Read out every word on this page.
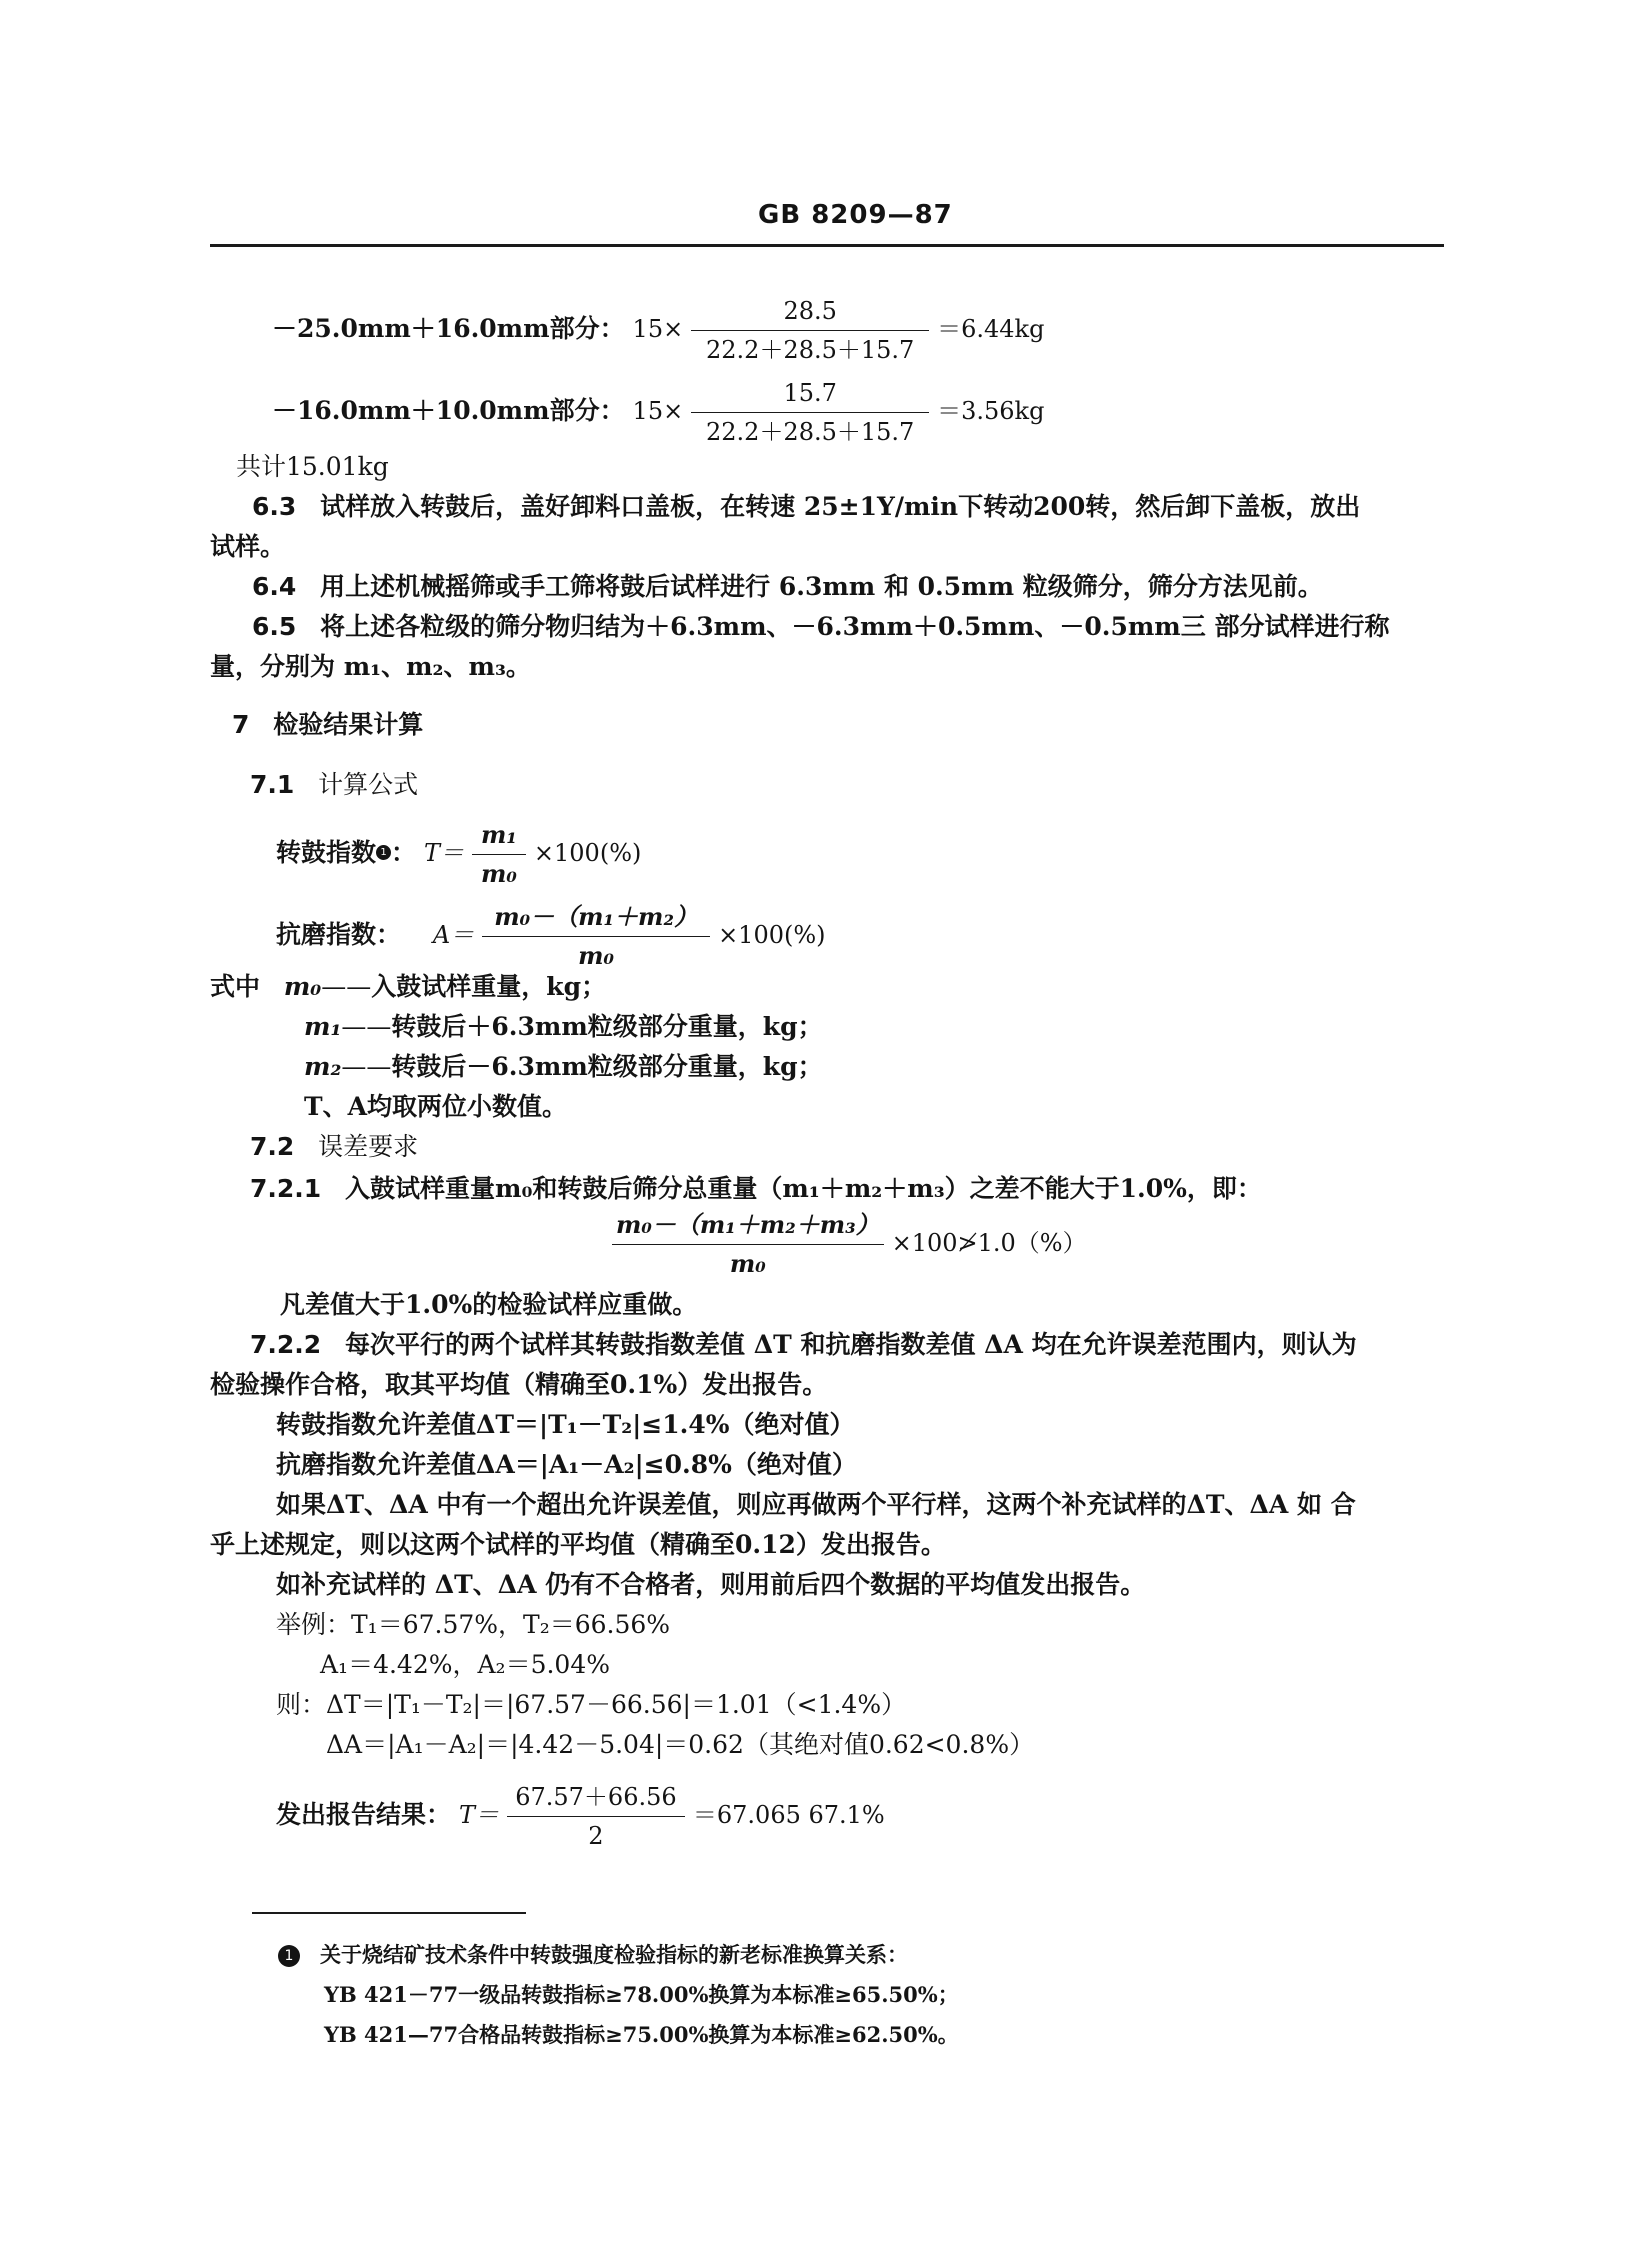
GB 8209—87
－25.0mm＋16.0mm部分： $15\times \frac{28.5}{22.2+28.5+15.7} =6.44kg$
－16.0mm＋10.0mm部分： $15\times \frac{15.7}{22.2+28.5+15.7} =3.56kg$
共计15.01kg
6.3 试样放入转鼓后，盖好卸料口盖板，在转速 25±1Y/min下转动200转，然后卸下盖板，放出
试样。
6.4 用上述机械摇筛或手工筛将鼓后试样进行 6.3mm 和 0.5mm 粒级筛分，筛分方法见前。
6.5 将上述各粒级的筛分物归结为＋6.3mm、－6.3mm＋0.5mm、－0.5mm三 部分试样进行称
量，分别为 m₁、m₂、m₃。
7 检验结果计算
7.1 计算公式
转鼓指数 1 ： $T= \frac{\text{m₁}}{\text{m₀}} \times 100(\%)$
抗磨指数： $A= \frac{\text{m₀－（m₁＋m₂）}}{\text{m₀}} \times 100(\%)$
式中 m₀——入鼓试样重量，kg；
m₁——转鼓后＋6.3mm粒级部分重量，kg；
m₂——转鼓后－6.3mm粒级部分重量，kg；
T、A均取两位小数值。
7.2 误差要求
7.2.1 入鼓试样重量m₀和转鼓后筛分总重量（m₁＋m₂＋m₃）之差不能大于1.0%，即：
$\frac{\text{m₀－（m₁＋m₂＋m₃）}}{\text{m₀}}$ ×100≯1.0（%）
凡差值大于1.0%的检验试样应重做。
7.2.2 每次平行的两个试样其转鼓指数差值 ΔT 和抗磨指数差值 ΔA 均在允许误差范围内，则认为
检验操作合格，取其平均值（精确至0.1%）发出报告。
转鼓指数允许差值ΔT＝|T₁－T₂|≤1.4%（绝对值）
抗磨指数允许差值ΔA＝|A₁－A₂|≤0.8%（绝对值）
如果ΔT、ΔA 中有一个超出允许误差值，则应再做两个平行样，这两个补充试样的ΔT、ΔA 如 合
乎上述规定，则以这两个试样的平均值（精确至0.12）发出报告。
如补充试样的 ΔT、ΔA 仍有不合格者，则用前后四个数据的平均值发出报告。
举例：T₁＝67.57%，T₂＝66.56%
A₁＝4.42%，A₂＝5.04%
则：ΔT＝|T₁－T₂|＝|67.57－66.56|＝1.01（<1.4%）
ΔA＝|A₁－A₂|＝|4.42－5.04|＝0.62（其绝对值0.62<0.8%）
发出报告结果： $T= \frac{67.57+66.56}{2} =67.065$ 67.1%
1 关于烧结矿技术条件中转鼓强度检验指标的新老标准换算关系：
YB 421－77一级品转鼓指标≥78.00%换算为本标准≥65.50%；
YB 421—77合格品转鼓指标≥75.00%换算为本标准≥62.50%。
